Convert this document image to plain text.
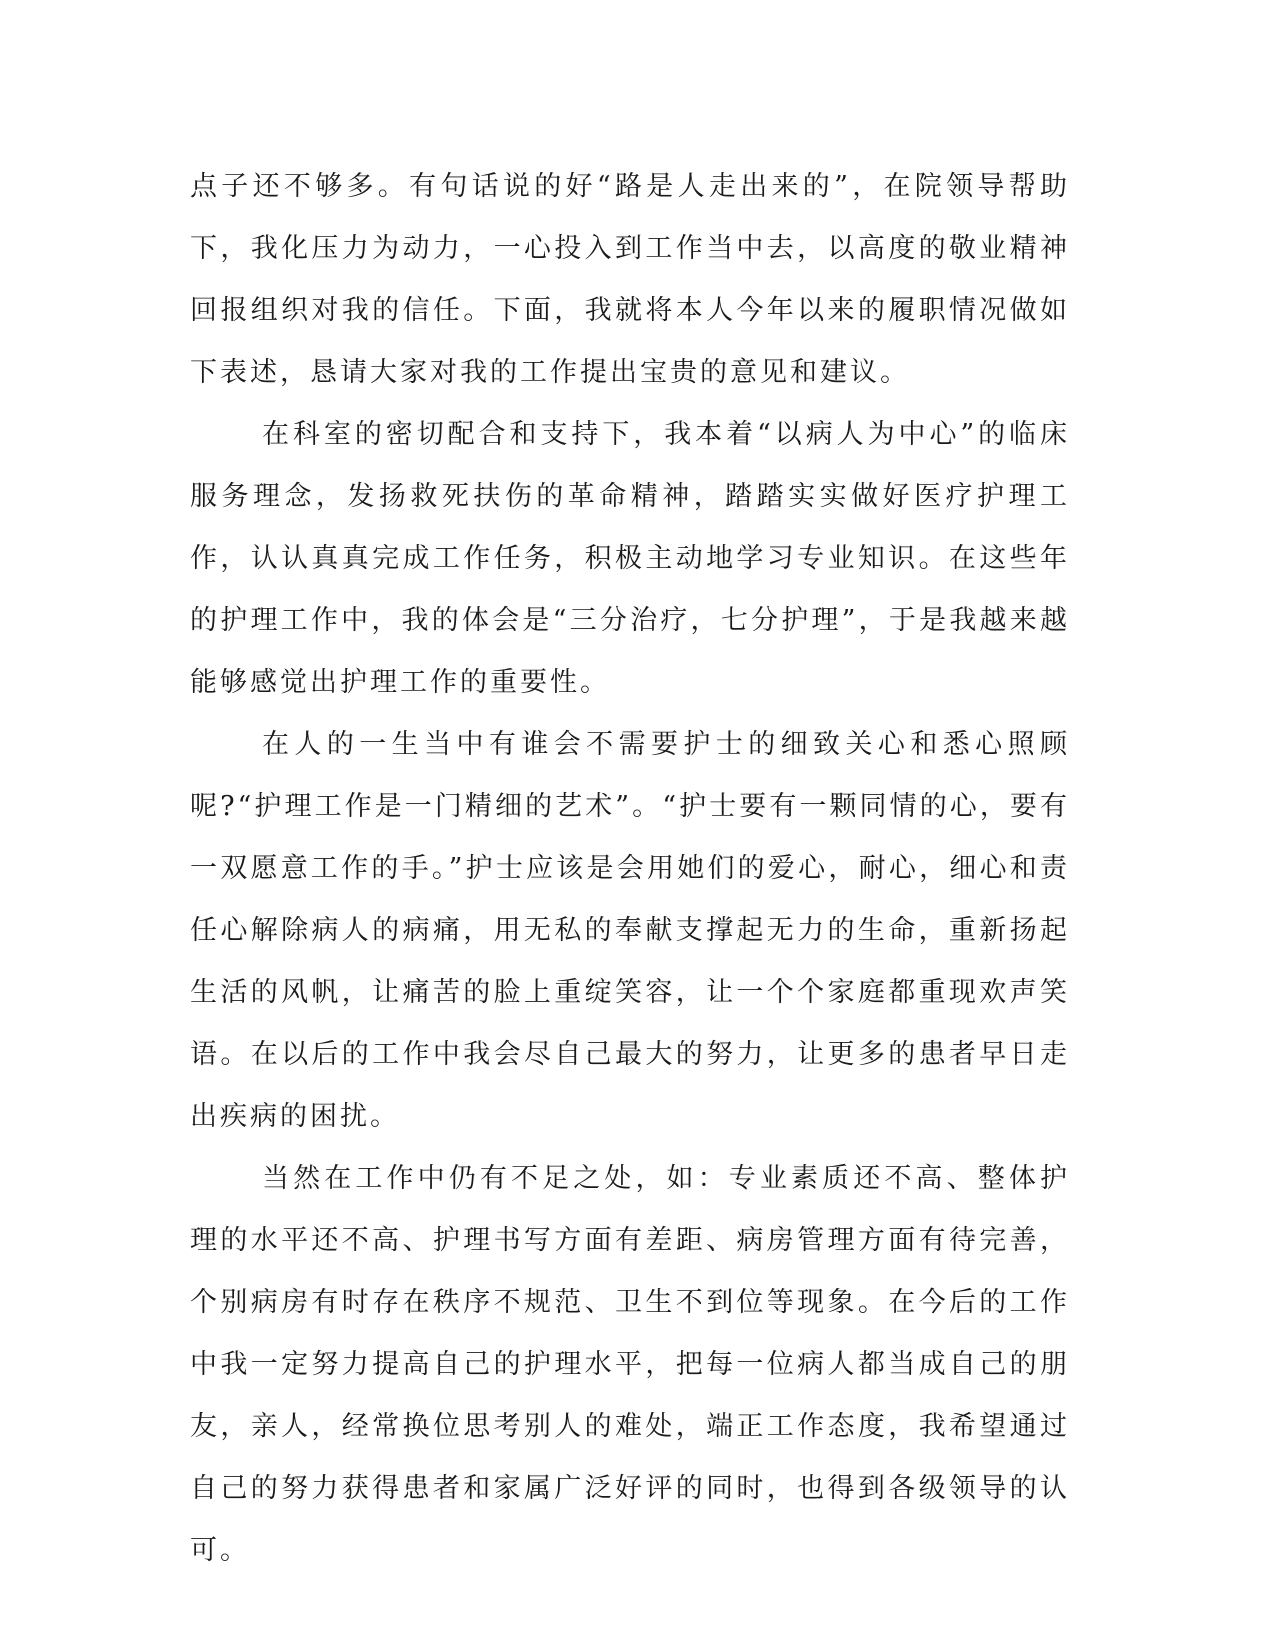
点子还不够多。有句话说的好“路是人走出来的”，在院领导帮助下，我化压力为动力，一心投入到工作当中去，以高度的敬业精神回报组织对我的信任。下面，我就将本人今年以来的履职情况做如下表述，恳请大家对我的工作提出宝贵的意见和建议。

在科室的密切配合和支持下，我本着“以病人为中心”的临床服务理念，发扬救死扶伤的革命精神，踏踏实实做好医疗护理工作，认认真真完成工作任务，积极主动地学习专业知识。在这些年的护理工作中，我的体会是“三分治疗，七分护理”，于是我越来越能够感觉出护理工作的重要性。

在人的一生当中有谁会不需要护士的细致关心和悉心照顾呢?“护理工作是一门精细的艺术”。“护士要有一颗同情的心，要有一双愿意工作的手。”护士应该是会用她们的爱心，耐心，细心和责任心解除病人的病痛，用无私的奉献支撑起无力的生命，重新扬起生活的风帆，让痛苦的脸上重绽笑容，让一个个家庭都重现欢声笑语。在以后的工作中我会尽自己最大的努力，让更多的患者早日走出疾病的困扰。

当然在工作中仍有不足之处，如：专业素质还不高、整体护理的水平还不高、护理书写方面有差距、病房管理方面有待完善，个别病房有时存在秩序不规范、卫生不到位等现象。在今后的工作中我一定努力提高自己的护理水平，把每一位病人都当成自己的朋友，亲人，经常换位思考别人的难处，端正工作态度，我希望通过自己的努力获得患者和家属广泛好评的同时，也得到各级领导的认可。
